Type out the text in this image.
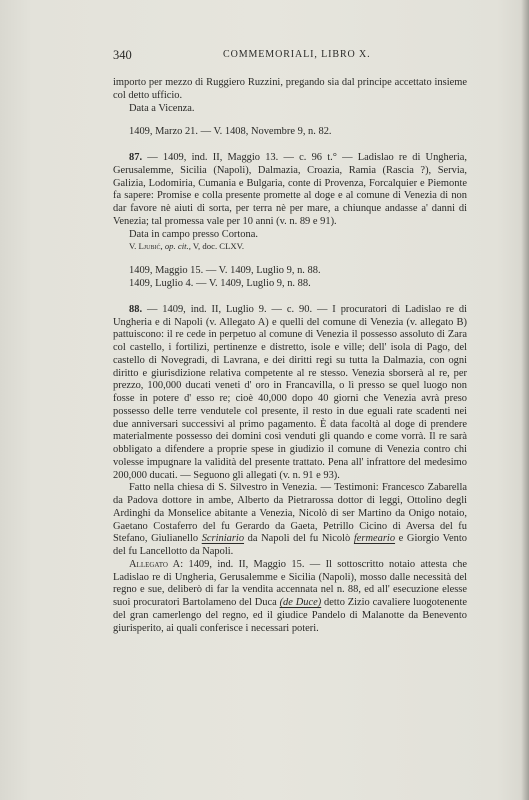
340	COMMEMORIALI, LIBRO X.

importo per mezzo di Ruggiero Ruzzini, pregando sia dal principe accettato insieme col detto ufficio.

Data a Vicenza.

1409, Marzo 21. — V. 1408, Novembre 9, n. 82.

87. — 1409, ind. II, Maggio 13. — c. 96 t.° — Ladislao re di Ungheria, Gerusalemme, Sicilia (Napoli), Dalmazia, Croazia, Ramia (Rascia ?), Servia, Galizia, Lodomiria, Cumania e Bulgaria, conte di Provenza, Forcalquier e Piemonte fa sapere: Promise e colla presente promette al doge e al comune di Venezia di non dar favore nè aiuti di sorta, per terra nè per mare, a chiunque andasse a' danni di Venezia; tal promessa vale per 10 anni (v. n. 89 e 91).

Data in campo presso Cortona.

V. Ljubić, op. cit., V, doc. CLXV.

1409, Maggio 15. — V. 1409, Luglio 9, n. 88.

1409, Luglio 4. — V. 1409, Luglio 9, n. 88.

88. — 1409, ind. II, Luglio 9. — c. 90. — I procuratori di Ladislao re di Ungheria e di Napoli (v. Allegato A) e quelli del comune di Venezia (v. allegato B) pattuiscono: il re cede in perpetuo al comune di Venezia il possesso assoluto di Zara col castello, i fortilizi, pertinenze e distretto, isole e ville; dell' isola di Pago, del castello di Novegradi, di Lavrana, e dei diritti regi su tutta la Dalmazia, con ogni diritto e giurisdizione relativa competente al re stesso. Venezia sborserà al re, per prezzo, 100,000 ducati veneti d' oro in Francavilla, o lì presso se quel luogo non fosse in potere d' esso re; cioè 40,000 dopo 40 giorni che Venezia avrà preso possesso delle terre vendutele col presente, il resto in due eguali rate scadenti nei due anniversari successivi al primo pagamento. È data facoltà al doge di prendere materialmente possesso dei domini così venduti gli quando e come vorrà. Il re sarà obbligato a difendere a proprie spese in giudizio il comune di Venezia contro chi volesse impugnare la validità del presente trattato. Pena all' infrattore del medesimo 200,000 ducati. — Seguono gli allegati (v. n. 91 e 93).

Fatto nella chiesa di S. Silvestro in Venezia. — Testimoni: Francesco Zabarella da Padova dottore in ambe, Alberto da Pietrarossa dottor di leggi, Ottolino degli Ardinghi da Monselice abitante a Venezia, Nicolò di ser Martino da Onigo notaio, Gaetano Costaferro del fu Gerardo da Gaeta, Petrillo Cicino di Aversa del fu Stefano, Giulianello Scriniario da Napoli del fu Nicolò fermeario e Giorgio Vento del fu Lancellotto da Napoli.

Allegato A: 1409, ind. II, Maggio 15. — Il sottoscritto notaio attesta che Ladislao re di Ungheria, Gerusalemme e Sicilia (Napoli), mosso dalle necessità del regno e sue, deliberò di far la vendita accennata nel n. 88, ed all' esecuzione elesse suoi procuratori Bartolameno del Duca (de Duce) detto Zizio cavaliere luogotenente del gran camerlengo del regno, ed il giudice Pandelo di Malanotte da Benevento giurisperito, ai quali conferisce i necessari poteri.
